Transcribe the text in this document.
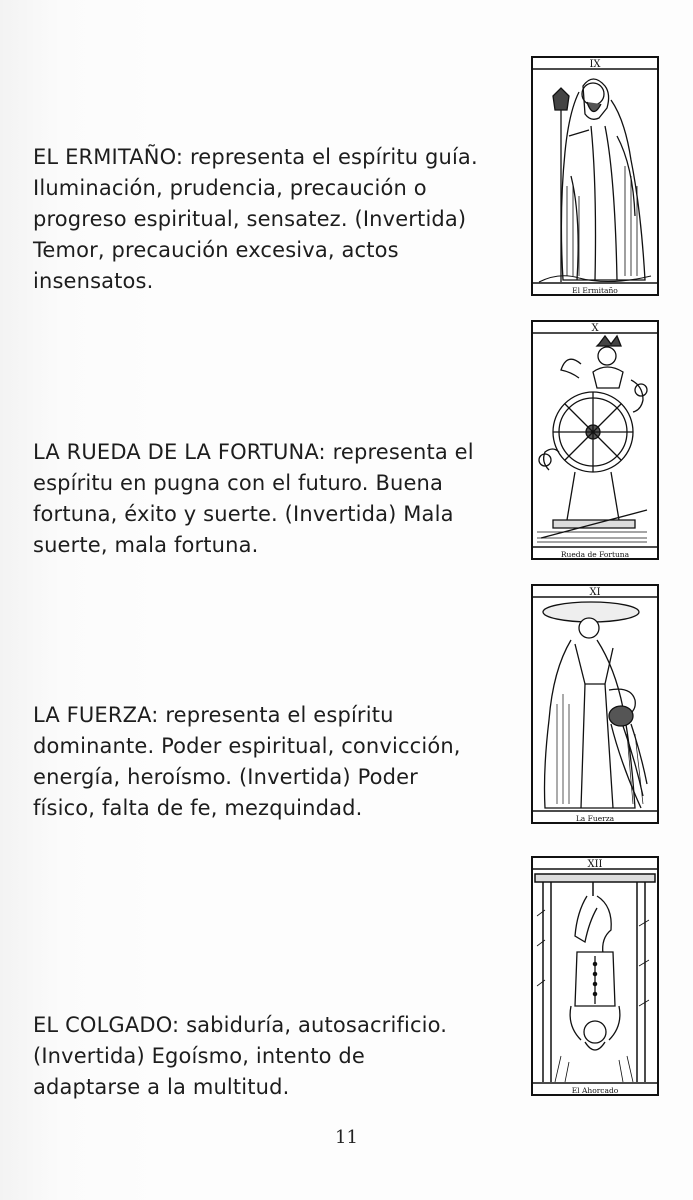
EL ERMITAÑO: representa el espíritu guía. Iluminación, prudencia, precaución o progreso espiritual, sensatez. (Invertida) Temor, precaución excesiva, actos insensatos.

LA RUEDA DE LA FORTUNA: representa el espíritu en pugna con el futuro. Buena fortuna, éxito y suerte. (Invertida) Mala suerte, mala fortuna.

LA FUERZA: representa el espíritu dominante. Poder espiritual, convicción, energía, heroísmo. (Invertida) Poder físico, falta de fe, mezquindad.

EL COLGADO: sabiduría, autosacrificio. (Invertida) Egoísmo, intento de adaptarse a la multitud.

IX
El Ermitaño
X
Rueda de Fortuna
XI
La Fuerza
XII
El Ahorcado
11
